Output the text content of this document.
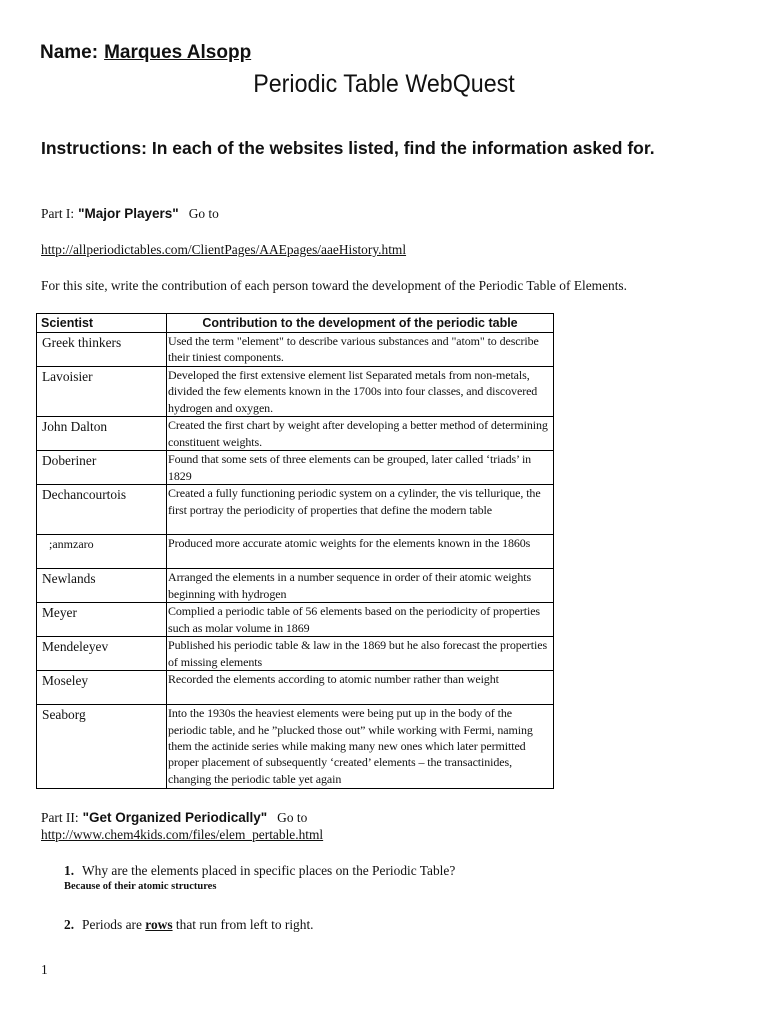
Name: Marques Alsopp
Periodic Table WebQuest
Instructions: In each of the websites listed, find the information asked for.
Part I: "Major Players" Go to
http://allperiodictables.com/ClientPages/AAEpages/aaeHistory.html
For this site, write the contribution of each person toward the development of the Periodic Table of Elements.
Scientist	Contribution to the development of the periodic table
Greek thinkers	Used the term "element" to describe various substances and "atom" to describe their tiniest components.
Lavoisier	Developed the first extensive element list Separated metals from non-metals, divided the few elements known in the 1700s into four classes, and discovered hydrogen and oxygen.
John Dalton	Created the first chart by weight after developing a better method of determining constituent weights.
Doberiner	Found that some sets of three elements can be grouped, later called ‘triads’ in 1829
Dechancourtois	Created a fully functioning periodic system on a cylinder, the vis tellurique, the first portray the periodicity of properties that define the modern table
;anmzaro	Produced more accurate atomic weights for the elements known in the 1860s
Newlands	Arranged the elements in a number sequence in order of their atomic weights beginning with hydrogen
Meyer	Complied a periodic table of 56 elements based on the periodicity of properties such as molar volume in 1869
Mendeleyev	Published his periodic table & law in the 1869 but he also forecast the properties of missing elements
Moseley	Recorded the elements according to atomic number rather than weight
Seaborg	Into the 1930s the heaviest elements were being put up in the body of the periodic table, and he ”plucked those out” while working with Fermi, naming them the actinide series while making many new ones which later permitted proper placement of subsequently ‘created’ elements – the transactinides, changing the periodic table yet again
Part II: "Get Organized Periodically" Go to
http://www.chem4kids.com/files/elem_pertable.html
1. Why are the elements placed in specific places on the Periodic Table?
Because of their atomic structures
2. Periods are rows that run from left to right.
1
